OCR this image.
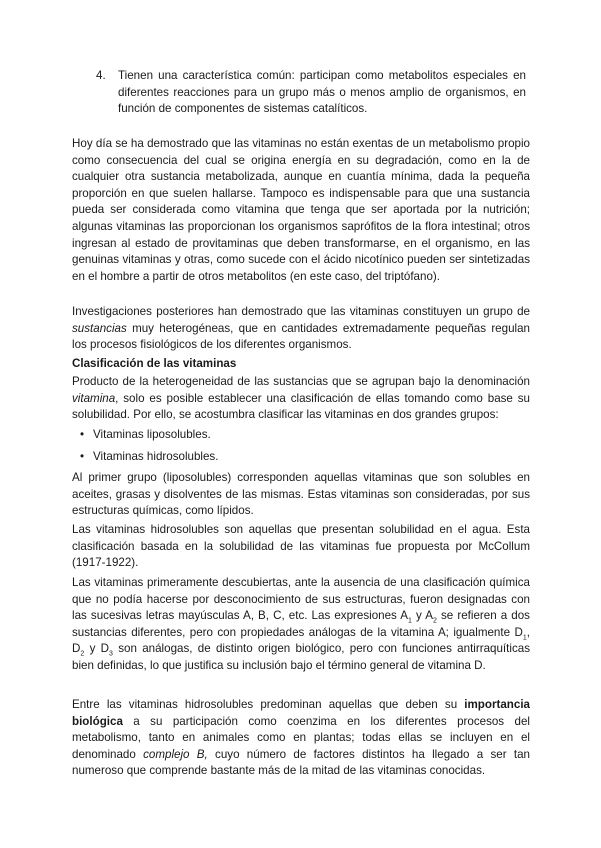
4. Tienen una característica común: participan como metabolitos especiales en diferentes reacciones para un grupo más o menos amplio de organismos, en función de componentes de sistemas catalíticos.

Hoy día se ha demostrado que las vitaminas no están exentas de un metabolismo propio como consecuencia del cual se origina energía en su degradación, como en la de cualquier otra sustancia metabolizada, aunque en cuantía mínima, dada la pequeña proporción en que suelen hallarse. Tampoco es indispensable para que una sustancia pueda ser considerada como vitamina que tenga que ser aportada por la nutrición; algunas vitaminas las proporcionan los organismos saprófitos de la flora intestinal; otros ingresan al estado de provitaminas que deben transformarse, en el organismo, en las genuinas vitaminas y otras, como sucede con el ácido nicotínico pueden ser sintetizadas en el hombre a partir de otros metabolitos (en este caso, del triptófano).

Investigaciones posteriores han demostrado que las vitaminas constituyen un grupo de sustancias muy heterogéneas, que en cantidades extremadamente pequeñas regulan los procesos fisiológicos de los diferentes organismos.

Clasificación de las vitaminas

Producto de la heterogeneidad de las sustancias que se agrupan bajo la denominación vitamina, solo es posible establecer una clasificación de ellas tomando como base su solubilidad. Por ello, se acostumbra clasificar las vitaminas en dos grandes grupos:

• Vitaminas liposolubles.
• Vitaminas hidrosolubles.

Al primer grupo (liposolubles) corresponden aquellas vitaminas que son solubles en aceites, grasas y disolventes de las mismas. Estas vitaminas son consideradas, por sus estructuras químicas, como lípidos.

Las vitaminas hidrosolubles son aquellas que presentan solubilidad en el agua. Esta clasificación basada en la solubilidad de las vitaminas fue propuesta por McCollum (1917-1922).

Las vitaminas primeramente descubiertas, ante la ausencia de una clasificación química que no podía hacerse por desconocimiento de sus estructuras, fueron designadas con las sucesivas letras mayúsculas A, B, C, etc. Las expresiones $A_1$ y $A_2$ se refieren a dos sustancias diferentes, pero con propiedades análogas de la vitamina A; igualmente $D_1$, $D_2$ y $D_3$ son análogas, de distinto origen biológico, pero con funciones antirraquíticas bien definidas, lo que justifica su inclusión bajo el término general de vitamina D.

Entre las vitaminas hidrosolubles predominan aquellas que deben su importancia biológica a su participación como coenzima en los diferentes procesos del metabolismo, tanto en animales como en plantas; todas ellas se incluyen en el denominado complejo B, cuyo número de factores distintos ha llegado a ser tan numeroso que comprende bastante más de la mitad de las vitaminas conocidas.
